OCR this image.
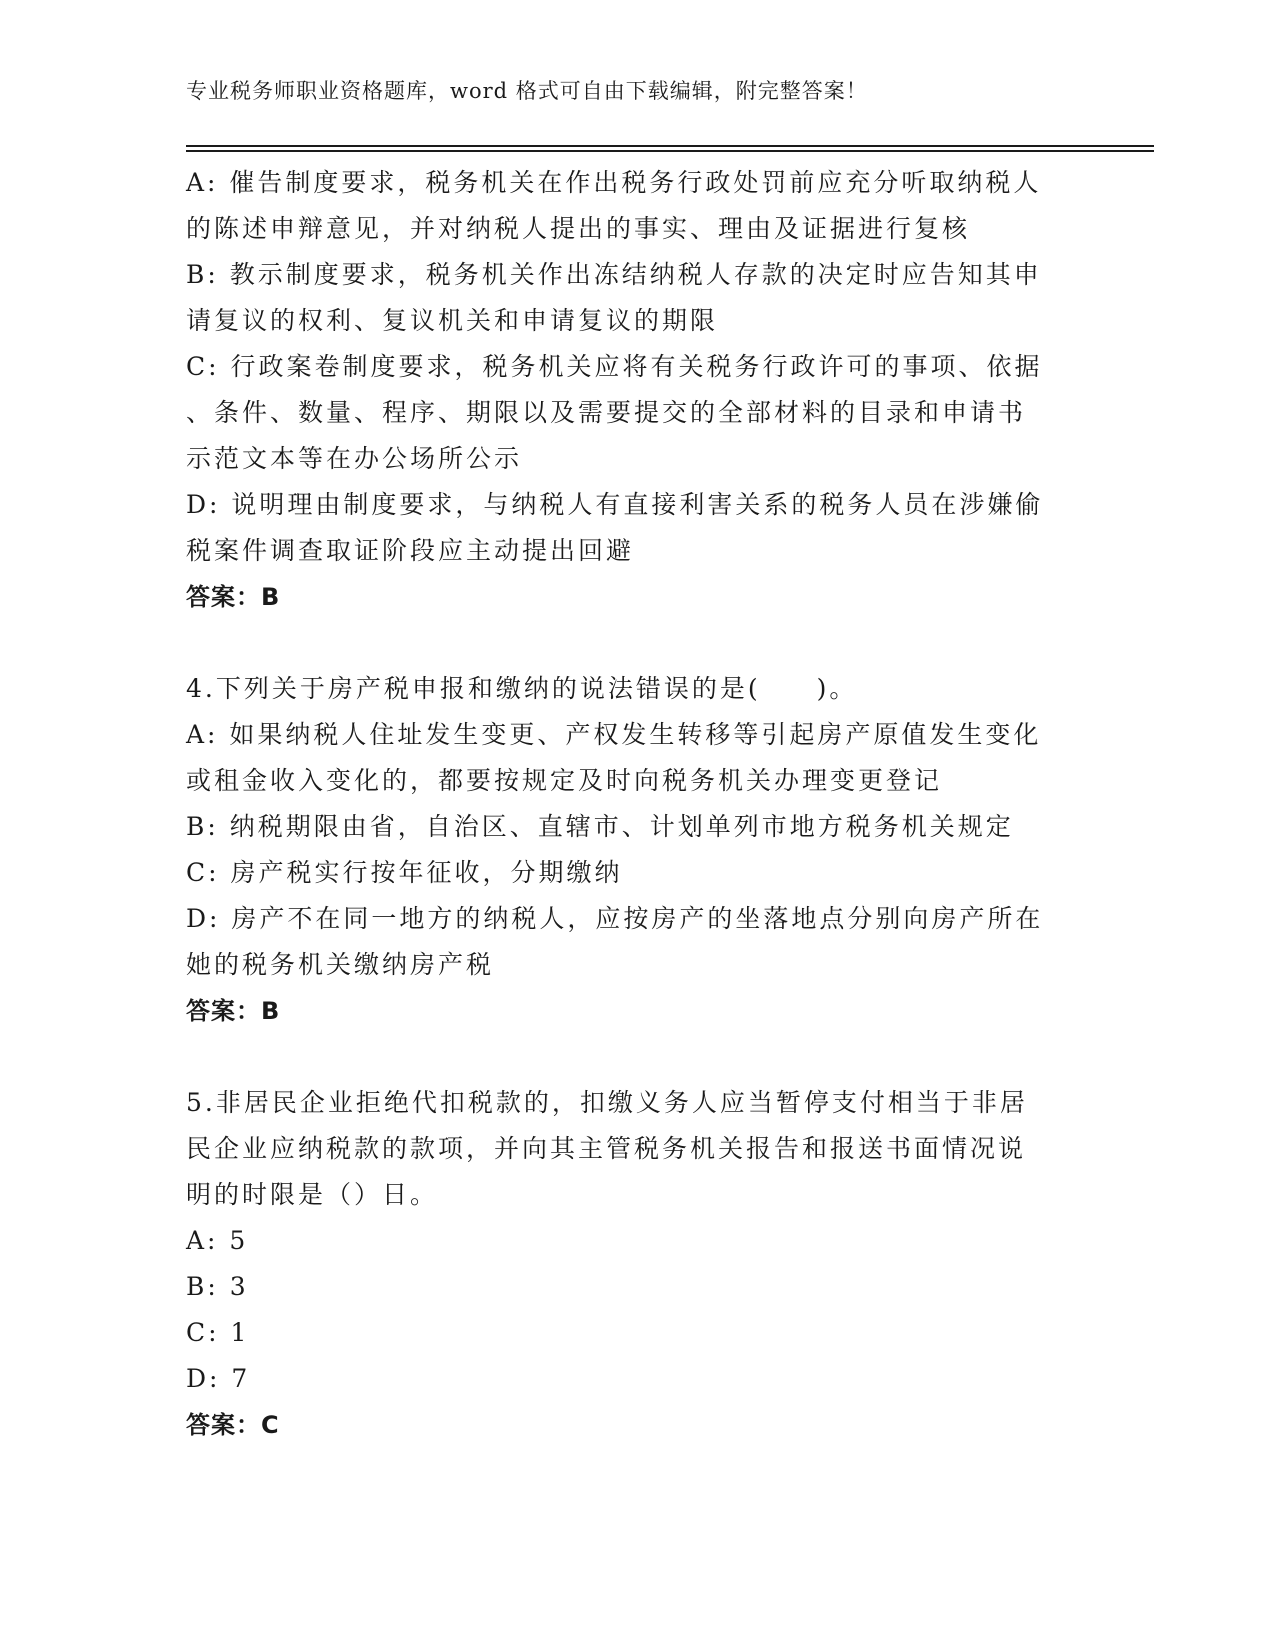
专业税务师职业资格题库，word 格式可自由下载编辑，附完整答案！
A: 催告制度要求，税务机关在作出税务行政处罚前应充分听取纳税人
的陈述申辩意见，并对纳税人提出的事实、理由及证据进行复核
B: 教示制度要求，税务机关作出冻结纳税人存款的决定时应告知其申
请复议的权利、复议机关和申请复议的期限
C: 行政案卷制度要求，税务机关应将有关税务行政许可的事项、依据
、条件、数量、程序、期限以及需要提交的全部材料的目录和申请书
示范文本等在办公场所公示
D: 说明理由制度要求，与纳税人有直接利害关系的税务人员在涉嫌偷
税案件调查取证阶段应主动提出回避
答案：B
4.下列关于房产税申报和缴纳的说法错误的是(　　)。
A: 如果纳税人住址发生变更、产权发生转移等引起房产原值发生变化
或租金收入变化的，都要按规定及时向税务机关办理变更登记
B: 纳税期限由省，自治区、直辖市、计划单列市地方税务机关规定
C: 房产税实行按年征收，分期缴纳
D: 房产不在同一地方的纳税人，应按房产的坐落地点分别向房产所在
她的税务机关缴纳房产税
答案：B
5.非居民企业拒绝代扣税款的，扣缴义务人应当暂停支付相当于非居
民企业应纳税款的款项，并向其主管税务机关报告和报送书面情况说
明的时限是（）日。
A: 5
B: 3
C: 1
D: 7
答案：C
